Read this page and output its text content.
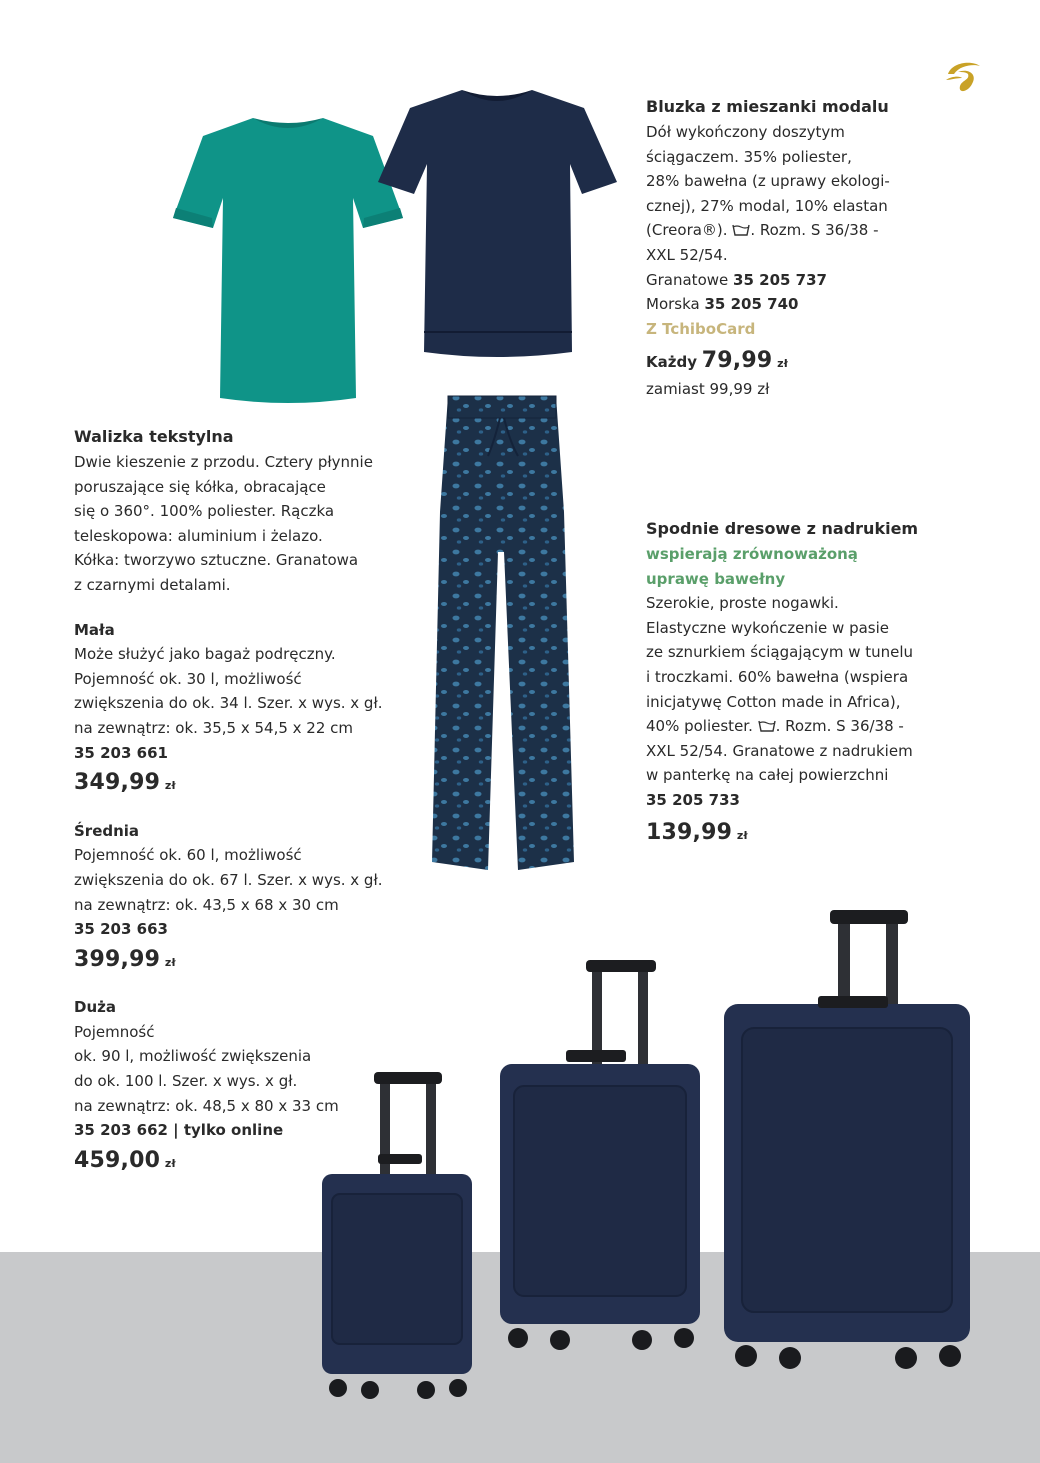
Bluzka z mieszanki modalu

Dół wykończony doszytym

ściągaczem. 35% poliester,

28% bawełna (z uprawy ekologi-

cznej), 27% modal, 10% elastan

(Creora®). . Rozm. S 36/38 -

XXL 52/54.

Granatowe 35 205 737

Morska 35 205 740

Z TchiboCard

Każdy 79,99 zł

zamiast 99,99 zł

Spodnie dresowe z nadrukiem

wspierają zrównoważoną

uprawę bawełny

Szerokie, proste nogawki.

Elastyczne wykończenie w pasie

ze sznurkiem ściągającym w tunelu

i troczkami. 60% bawełna (wspiera

inicjatywę Cotton made in Africa),

40% poliester. . Rozm. S 36/38 -

XXL 52/54. Granatowe z nadrukiem

w panterkę na całej powierzchni

35 205 733

139,99 zł

Walizka tekstylna

Dwie kieszenie z przodu. Cztery płynnie

poruszające się kółka, obracające

się o 360°. 100% poliester. Rączka

teleskopowa: aluminium i żelazo.

Kółka: tworzywo sztuczne. Granatowa

z czarnymi detalami.

Mała

Może służyć jako bagaż podręczny.

Pojemność ok. 30 l, możliwość

zwiększenia do ok. 34 l. Szer. x wys. x gł.

na zewnątrz: ok. 35,5 x 54,5 x 22 cm

35 203 661

349,99 zł

Średnia

Pojemność ok. 60 l, możliwość

zwiększenia do ok. 67 l. Szer. x wys. x gł.

na zewnątrz: ok. 43,5 x 68 x 30 cm

35 203 663

399,99 zł

Duża

Pojemność

ok. 90 l, możliwość zwiększenia

do ok. 100 l. Szer. x wys. x gł.

na zewnątrz: ok. 48,5 x 80 x 33 cm

35 203 662 | tylko online

459,00 zł
